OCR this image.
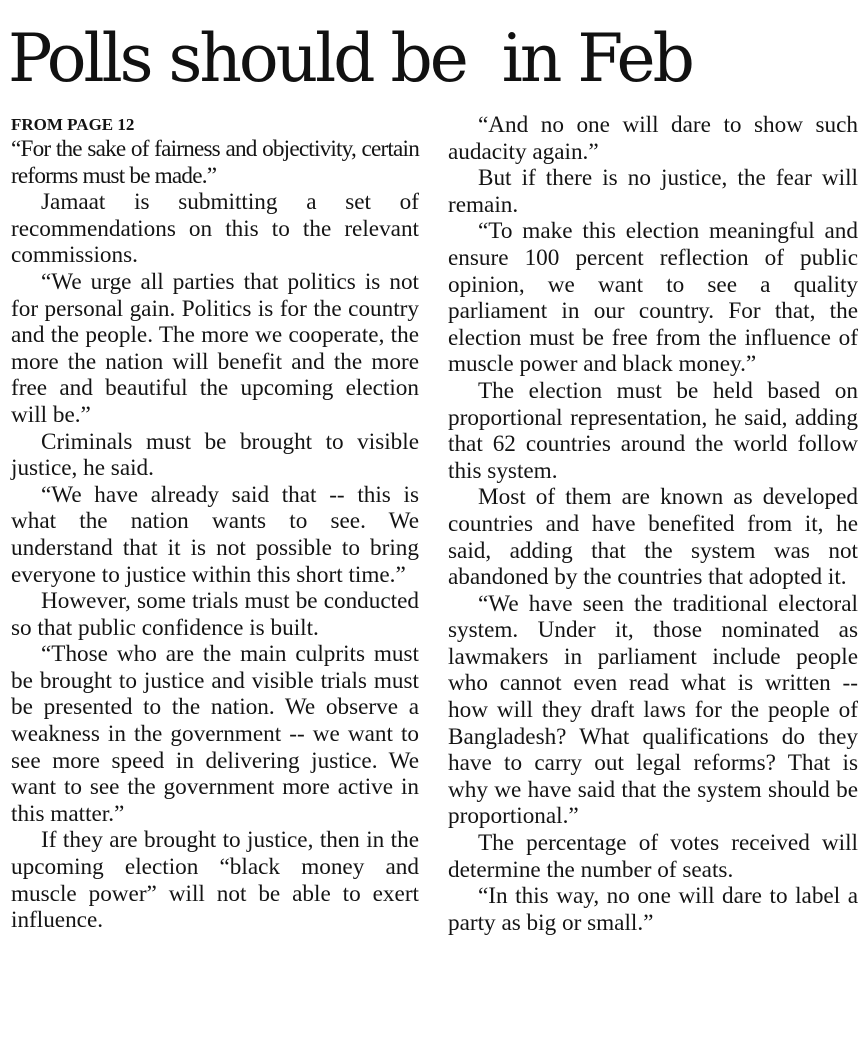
Polls should be  in Feb
FROM PAGE 12

“For the sake of fairness and objectivity, certain reforms must be made.”

Jamaat is submitting a set of recommendations on this to the relevant commissions.

“We urge all parties that politics is not for personal gain. Politics is for the country and the people. The more we cooperate, the more the nation will benefit and the more free and beautiful the upcoming election will be.”

Criminals must be brought to visible justice, he said.

“We have already said that -- this is what the nation wants to see. We understand that it is not possible to bring everyone to justice within this short time.”

However, some trials must be conducted so that public confidence is built.

“Those who are the main culprits must be brought to justice and visible trials must be presented to the nation. We observe a weakness in the government -- we want to see more speed in delivering justice. We want to see the government more active in this matter.”

If they are brought to justice, then in the upcoming election “black money and muscle power” will not be able to exert influence.

“And no one will dare to show such audacity again.”

But if there is no justice, the fear will remain.

“To make this election meaningful and ensure 100 percent reflection of public opinion, we want to see a quality parliament in our country. For that, the election must be free from the influence of muscle power and black money.”

The election must be held based on proportional representation, he said, adding that 62 countries around the world follow this system.

Most of them are known as developed countries and have benefited from it, he said, adding that the system was not abandoned by the countries that adopted it.

“We have seen the traditional electoral system. Under it, those nominated as lawmakers in parliament include people who cannot even read what is written -- how will they draft laws for the people of Bangladesh? What qualifications do they have to carry out legal reforms? That is why we have said that the system should be proportional.”

The percentage of votes received will determine the number of seats.

“In this way, no one will dare to label a party as big or small.”
